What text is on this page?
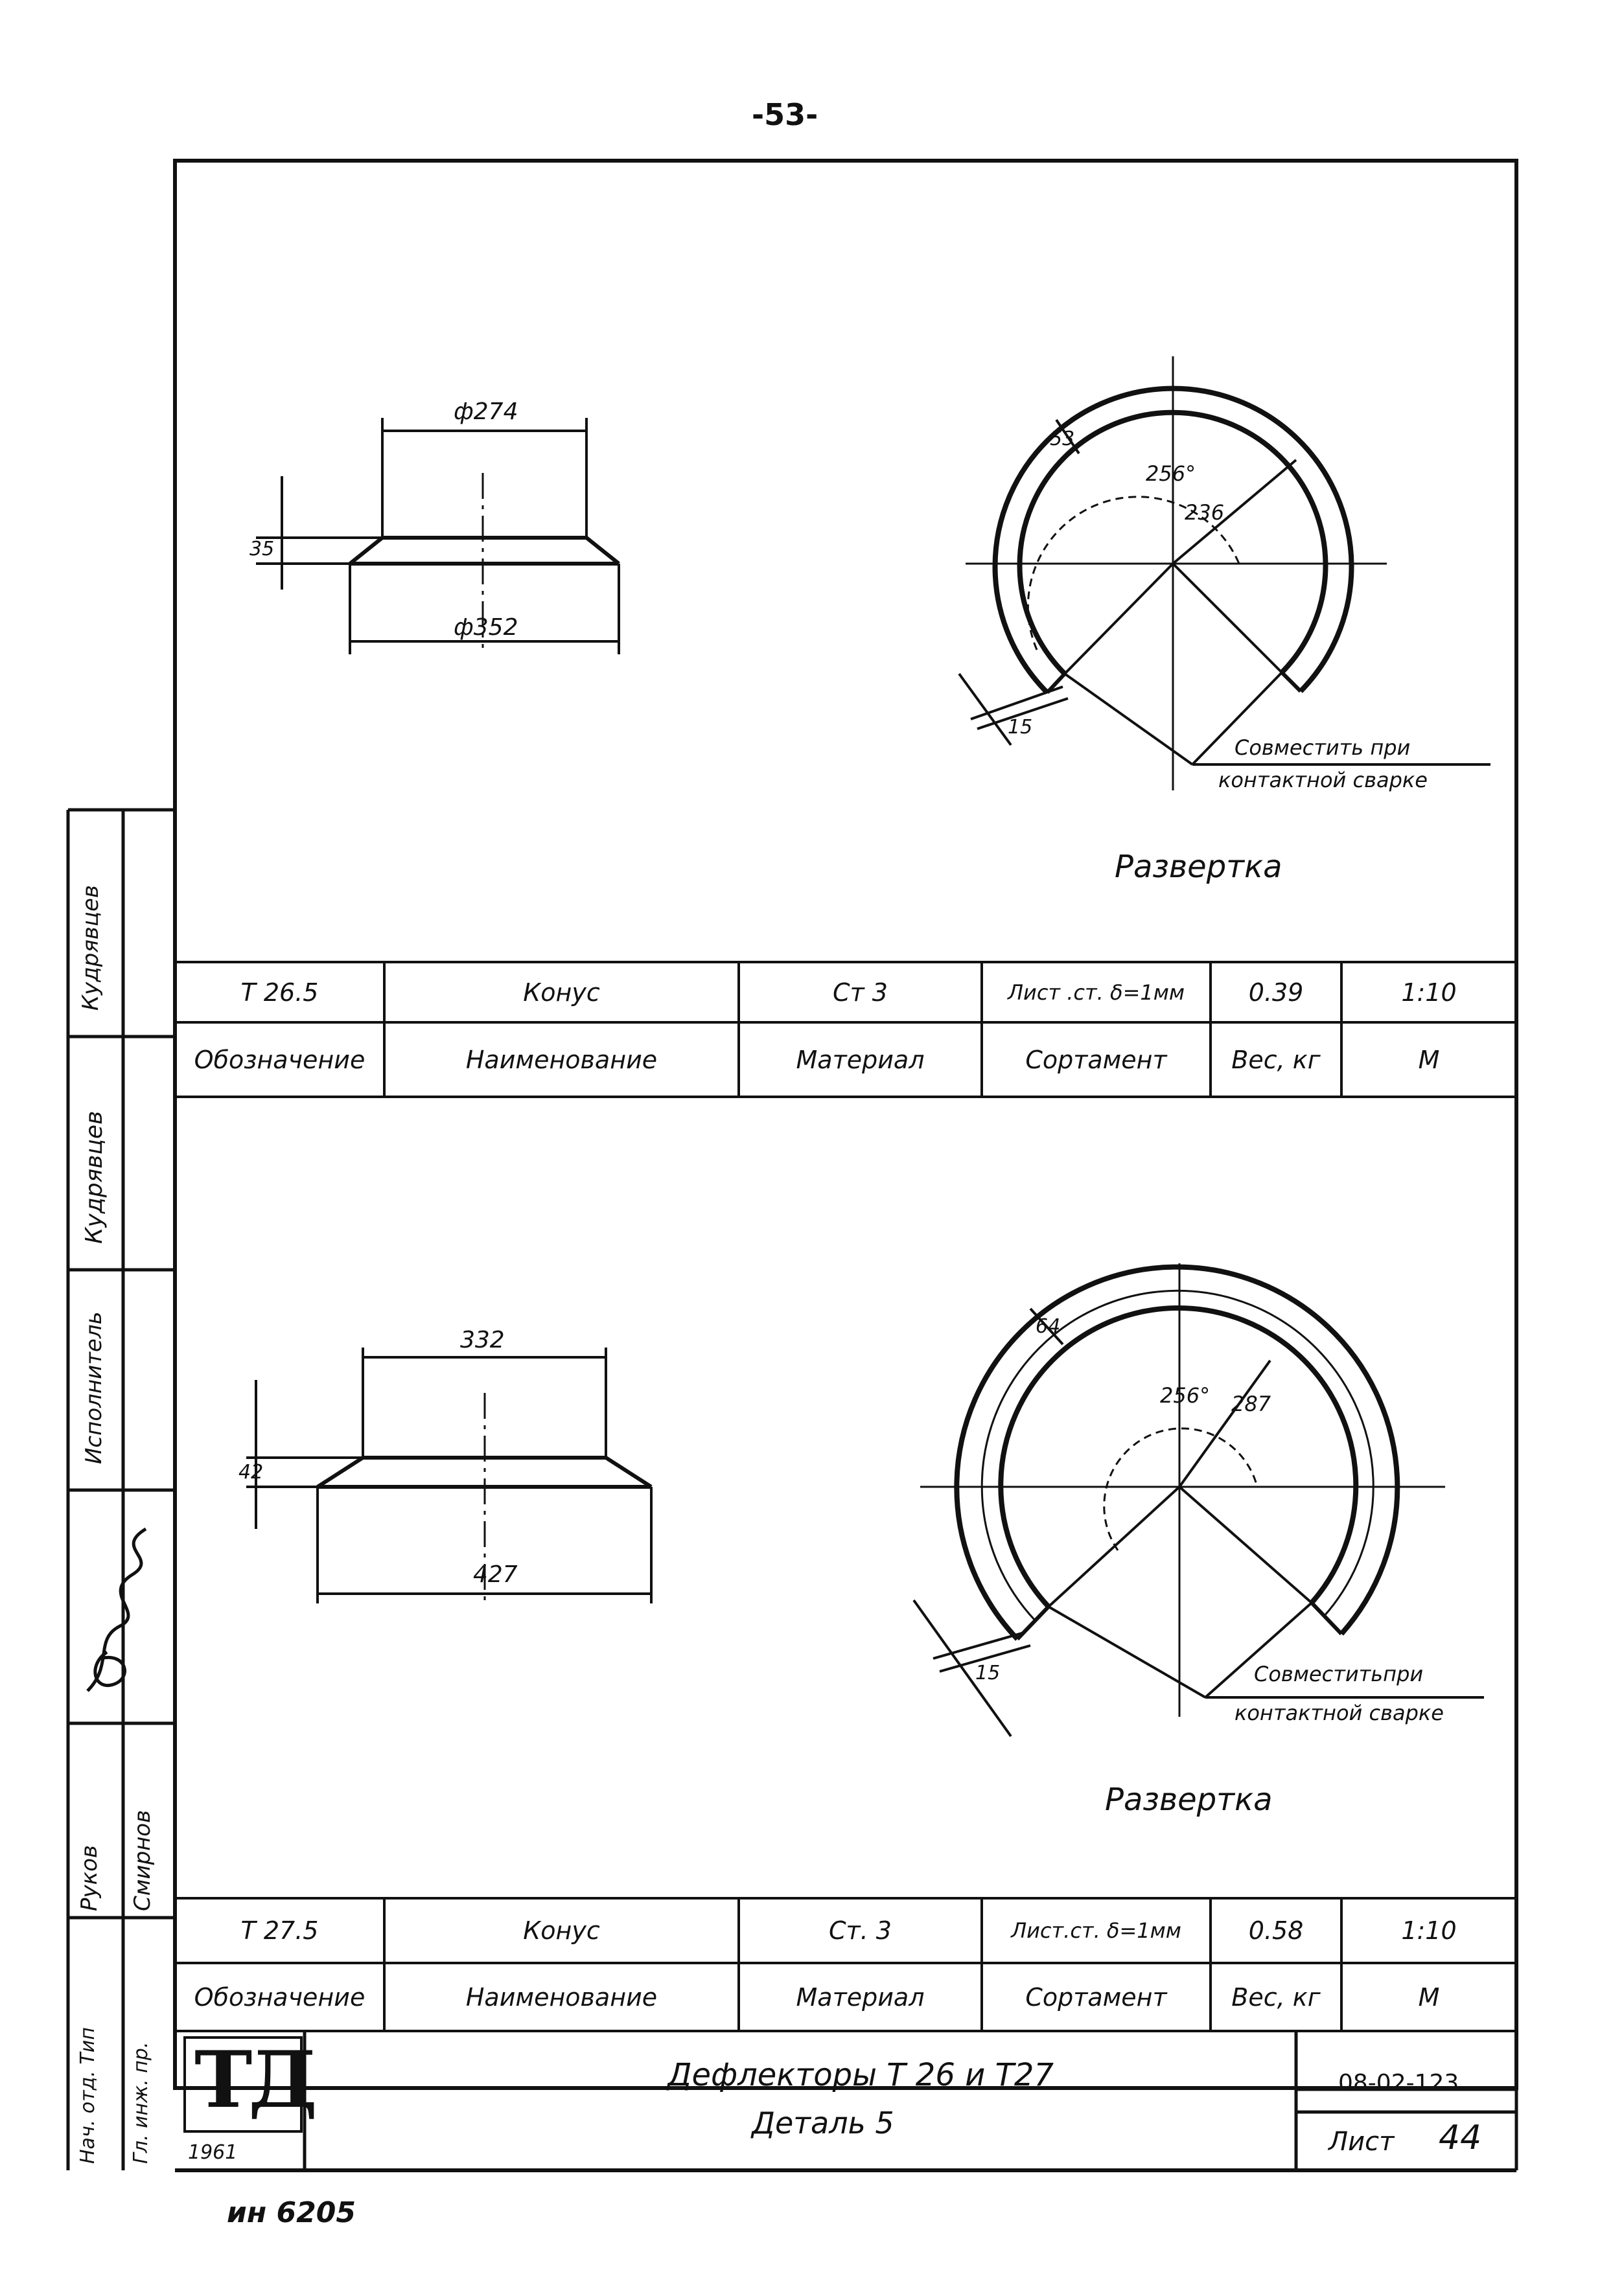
-53-
ф274
35
ф352
256°
236
53
15
Совместить при
контактной сварке
Развертка
Т 26.5	Конус	Ст 3	Лист .ст. δ=1мм	0.39	1:10
Обозначение	Наименование	Материал	Сортамент	Вес, кг	М
332
42
427
256° 287
64
15	Совместитьпри
контактной сварке
Развертка
Т 27.5	Конус	Ст. 3	Лист.ст. δ=1мм	0.58	1:10
Обозначение	Наименование	Материал	Сортамент	Вес, кг	М
ТД
1961
Дефлекторы Т 26 и Т27
Деталь 5
08-02-123
Лист 44
Кудрявцев
Кудрявцев
Исполнитель
Руков Смирнов
Нач. отд. Тип Гл. инж. пр.
ин 6205
